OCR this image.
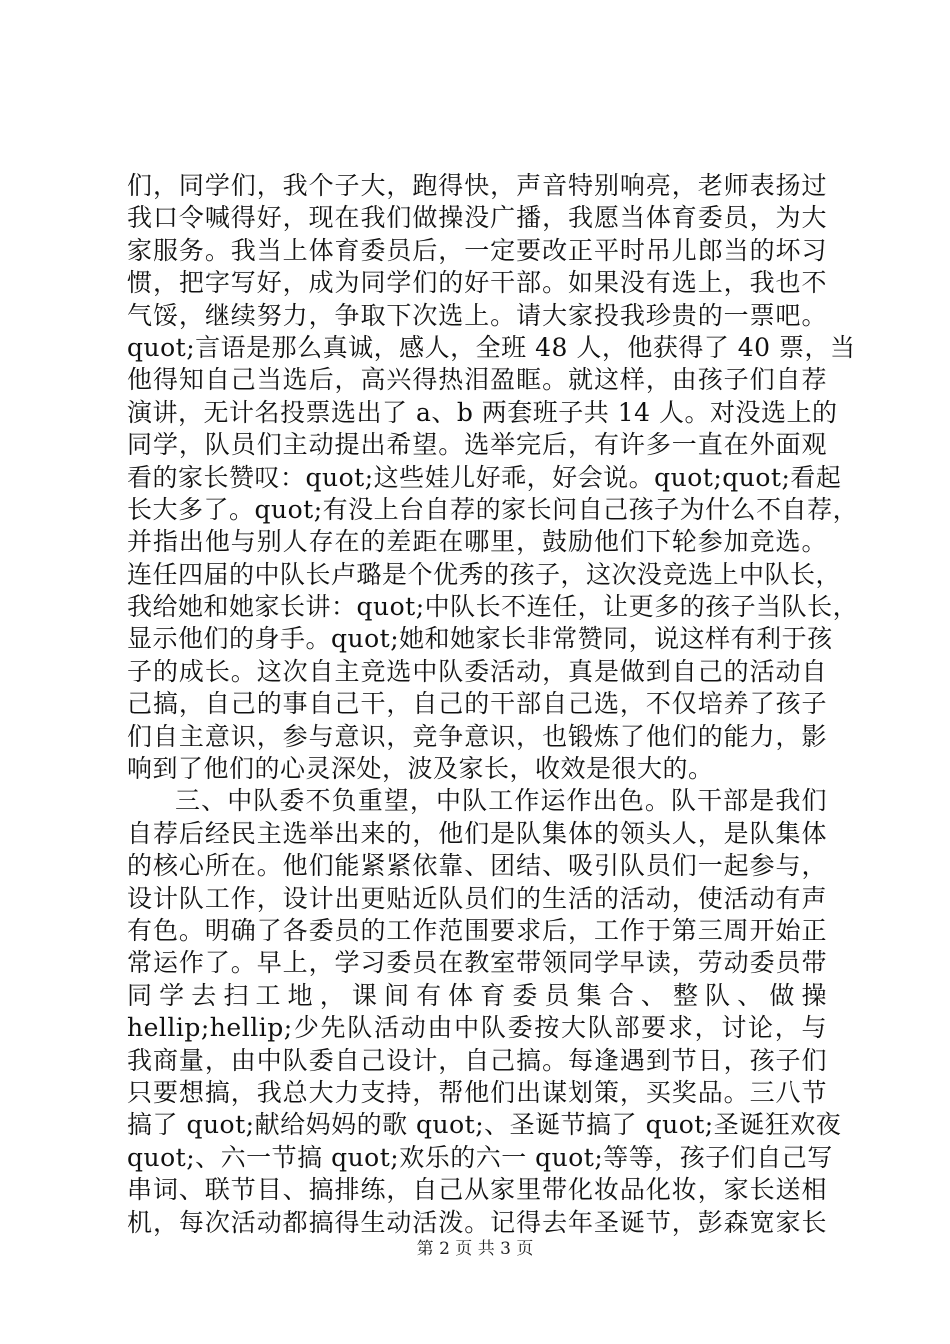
们，同学们，我个子大，跑得快，声音特别响亮，老师表扬过
我口令喊得好，现在我们做操没广播，我愿当体育委员，为大
家服务。我当上体育委员后，一定要改正平时吊儿郎当的坏习
惯，把字写好，成为同学们的好干部。如果没有选上，我也不
气馁，继续努力，争取下次选上。请大家投我珍贵的一票吧。
quot;言语是那么真诚，感人，全班 48 人，他获得了 40 票，当
他得知自己当选后，高兴得热泪盈眶。就这样，由孩子们自荐
演讲，无计名投票选出了 a、b 两套班子共 14 人。对没选上的
同学，队员们主动提出希望。选举完后，有许多一直在外面观
看的家长赞叹：quot;这些娃儿好乖，好会说。quot;quot;看起
长大多了。quot;有没上台自荐的家长问自己孩子为什么不自荐，
并指出他与别人存在的差距在哪里，鼓励他们下轮参加竞选。
连任四届的中队长卢璐是个优秀的孩子，这次没竞选上中队长，
我给她和她家长讲：quot;中队长不连任，让更多的孩子当队长，
显示他们的身手。quot;她和她家长非常赞同，说这样有利于孩
子的成长。这次自主竞选中队委活动，真是做到自己的活动自
己搞，自己的事自己干，自己的干部自己选，不仅培养了孩子
们自主意识，参与意识，竞争意识，也锻炼了他们的能力，影
响到了他们的心灵深处，波及家长，收效是很大的。
三、中队委不负重望，中队工作运作出色。队干部是我们
自荐后经民主选举出来的，他们是队集体的领头人，是队集体
的核心所在。他们能紧紧依靠、团结、吸引队员们一起参与，
设计队工作，设计出更贴近队员们的生活的活动，使活动有声
有色。明确了各委员的工作范围要求后，工作于第三周开始正
常运作了。早上，学习委员在教室带领同学早读，劳动委员带
同学去扫工地，课间有体育委员集合、整队、做操
hellip;hellip;少先队活动由中队委按大队部要求，讨论，与
我商量，由中队委自己设计，自己搞。每逢遇到节日，孩子们
只要想搞，我总大力支持，帮他们出谋划策，买奖品。三八节
搞了 quot;献给妈妈的歌 quot;、圣诞节搞了 quot;圣诞狂欢夜
quot;、六一节搞 quot;欢乐的六一 quot;等等，孩子们自己写
串词、联节目、搞排练，自己从家里带化妆品化妆，家长送相
机，每次活动都搞得生动活泼。记得去年圣诞节，彭森宽家长
第 2 页 共 3 页
